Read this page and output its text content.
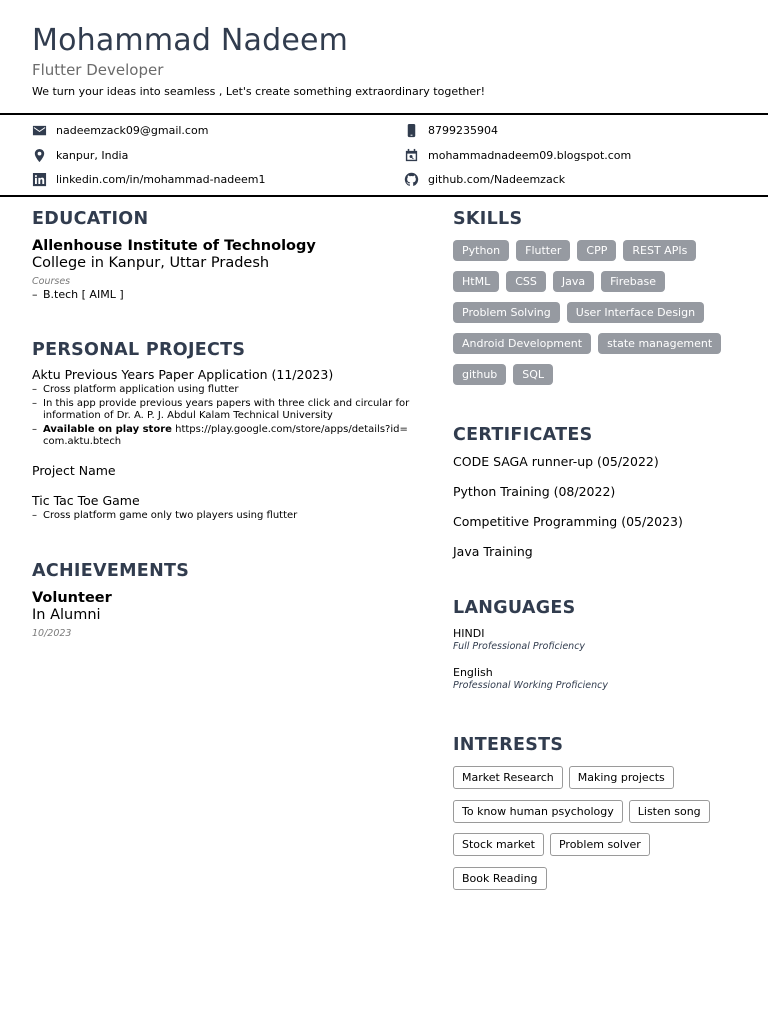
Mohammad Nadeem
Flutter Developer
We turn your ideas into seamless , Let's create something extraordinary together!
nadeemzack09@gmail.com	8799235904
kanpur, India	mohammadnadeem09.blogspot.com
linkedin.com/in/mohammad-nadeem1	github.com/Nadeemzack
EDUCATION
Allenhouse Institute of Technology
College in Kanpur, Uttar Pradesh
Courses
– B.tech [ AIML ]
PERSONAL PROJECTS
Aktu Previous Years Paper Application (11/2023)
– Cross platform application using flutter
– In this app provide previous years papers with three click and circular for information of Dr. A. P. J. Abdul Kalam Technical University
– Available on play store https://play.google.com/store/apps/details?id=com.aktu.btech
Project Name
Tic Tac Toe Game
– Cross platform game only two players using flutter
ACHIEVEMENTS
Volunteer
In Alumni
10/2023
SKILLS
Python Flutter CPP REST APIs
HtML CSS Java Firebase
Problem Solving User Interface Design
Android Development state management
github SQL
CERTIFICATES
CODE SAGA runner-up (05/2022)
Python Training (08/2022)
Competitive Programming (05/2023)
Java Training
LANGUAGES
HINDI
Full Professional Proficiency
English
Professional Working Proficiency
INTERESTS
Market Research Making projects
To know human psychology Listen song
Stock market Problem solver
Book Reading
